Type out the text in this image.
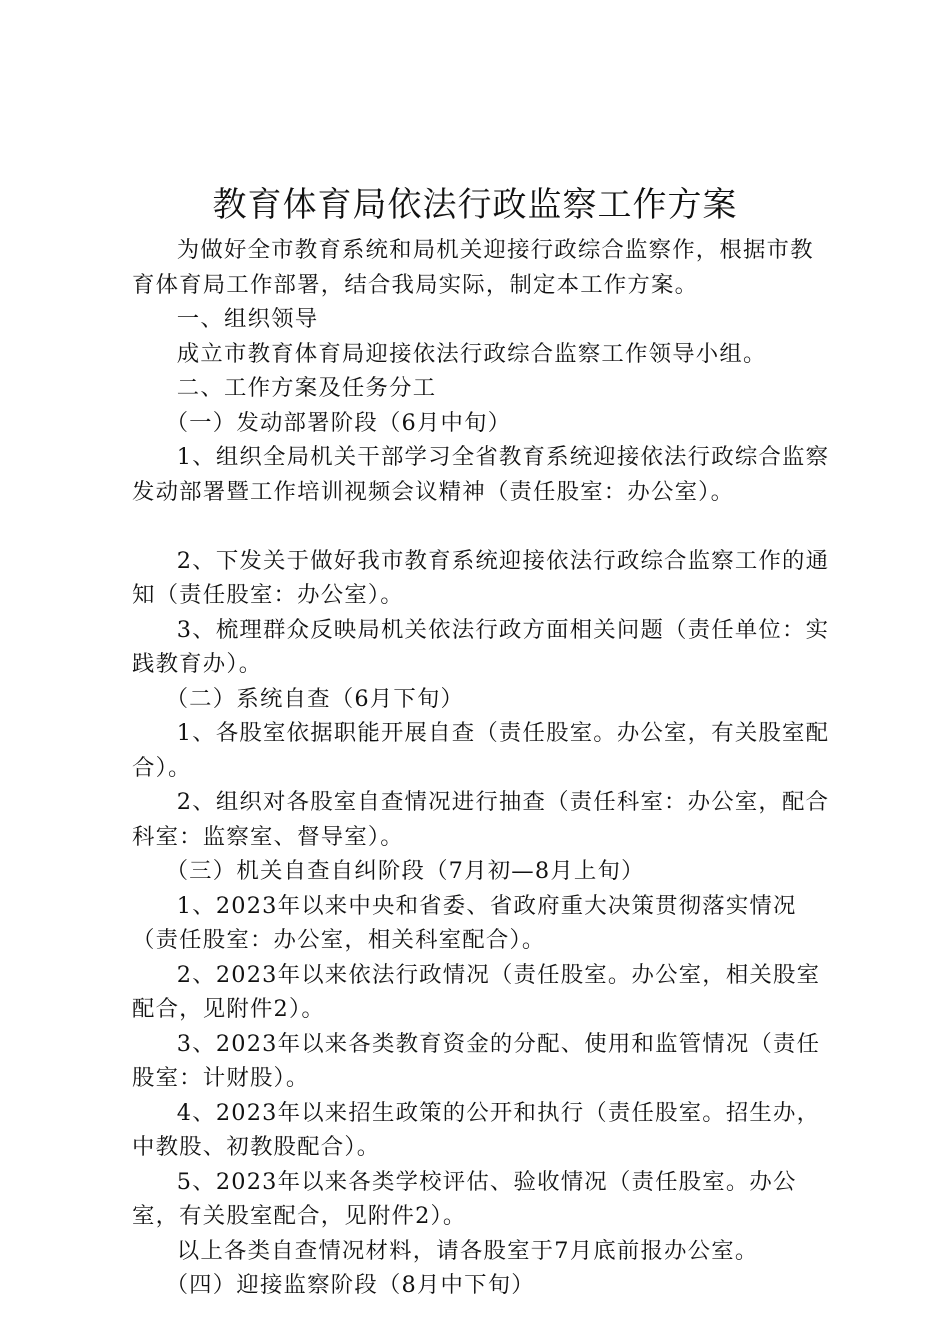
教育体育局依法行政监察工作方案

为做好全市教育系统和局机关迎接行政综合监察作，根据市教育体育局工作部署，结合我局实际，制定本工作方案。

一、组织领导

成立市教育体育局迎接依法行政综合监察工作领导小组。

二、工作方案及任务分工

（一）发动部署阶段（6月中旬）

1、组织全局机关干部学习全省教育系统迎接依法行政综合监察发动部署暨工作培训视频会议精神（责任股室：办公室）。

2、下发关于做好我市教育系统迎接依法行政综合监察工作的通知（责任股室：办公室）。

3、梳理群众反映局机关依法行政方面相关问题（责任单位：实践教育办）。

（二）系统自查（6月下旬）

1、各股室依据职能开展自查（责任股室。办公室，有关股室配合）。

2、组织对各股室自查情况进行抽查（责任科室：办公室，配合科室：监察室、督导室）。

（三）机关自查自纠阶段（7月初—8月上旬）

1、2023年以来中央和省委、省政府重大决策贯彻落实情况（责任股室：办公室，相关科室配合）。

2、2023年以来依法行政情况（责任股室。办公室，相关股室配合，见附件2）。

3、2023年以来各类教育资金的分配、使用和监管情况（责任股室：计财股）。

4、2023年以来招生政策的公开和执行（责任股室。招生办，中教股、初教股配合）。

5、2023年以来各类学校评估、验收情况（责任股室。办公室，有关股室配合，见附件2）。

以上各类自查情况材料，请各股室于7月底前报办公室。

（四）迎接监察阶段（8月中下旬）
